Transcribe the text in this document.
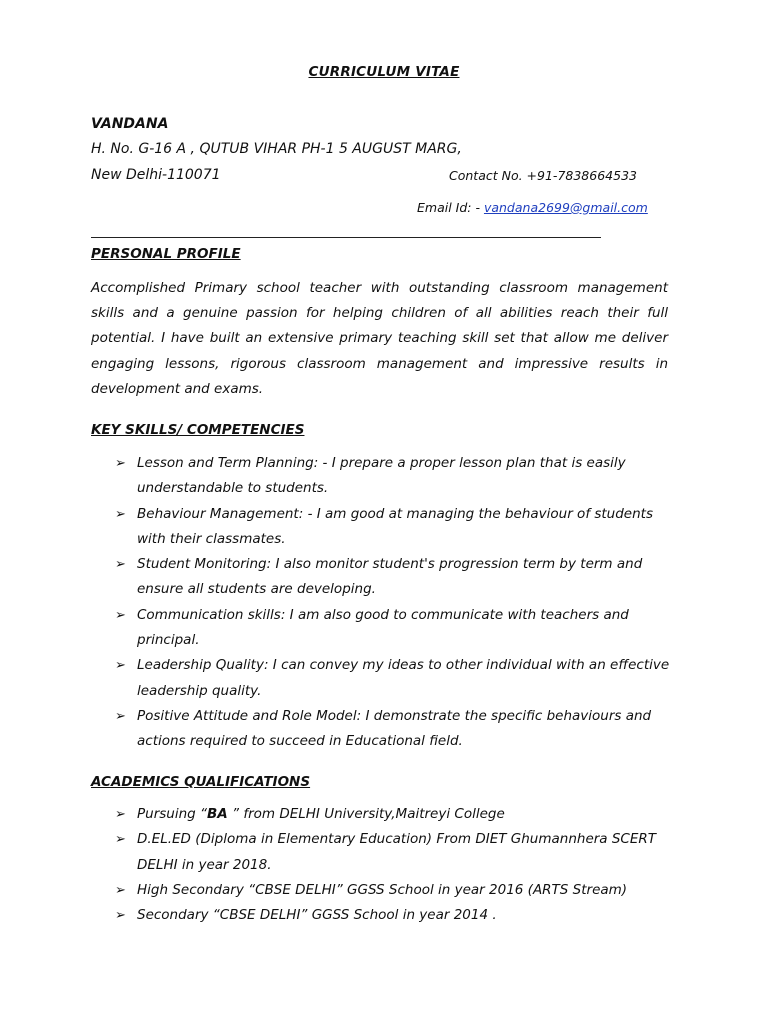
CURRICULUM VITAE
VANDANA
H. No. G-16 A , QUTUB VIHAR PH-1 5 AUGUST MARG,
New Delhi-110071	Contact No. +91-7838664533
Email Id: - vandana2699@gmail.com
PERSONAL PROFILE

Accomplished Primary school teacher with outstanding classroom management skills and a genuine passion for helping children of all abilities reach their full potential. I have built an extensive primary teaching skill set that allow me deliver engaging lessons, rigorous classroom management and impressive results in development and exams.

KEY SKILLS/ COMPETENCIES
➢ Lesson and Term Planning: - I prepare a proper lesson plan that is easily understandable to students.
➢ Behaviour Management: - I am good at managing the behaviour of students with their classmates.
➢ Student Monitoring: I also monitor student's progression term by term and ensure all students are developing.
➢ Communication skills: I am also good to communicate with teachers and principal.
➢ Leadership Quality: I can convey my ideas to other individual with an effective leadership quality.
➢ Positive Attitude and Role Model: I demonstrate the specific behaviours and actions required to succeed in Educational field.
ACADEMICS QUALIFICATIONS
➢ Pursuing “BA ” from DELHI University,Maitreyi College
➢ D.EL.ED (Diploma in Elementary Education) From DIET Ghumannhera SCERT DELHI in year 2018.
➢ High Secondary “CBSE DELHI” GGSS School in year 2016 (ARTS Stream)
➢ Secondary “CBSE DELHI” GGSS School in year 2014 .
